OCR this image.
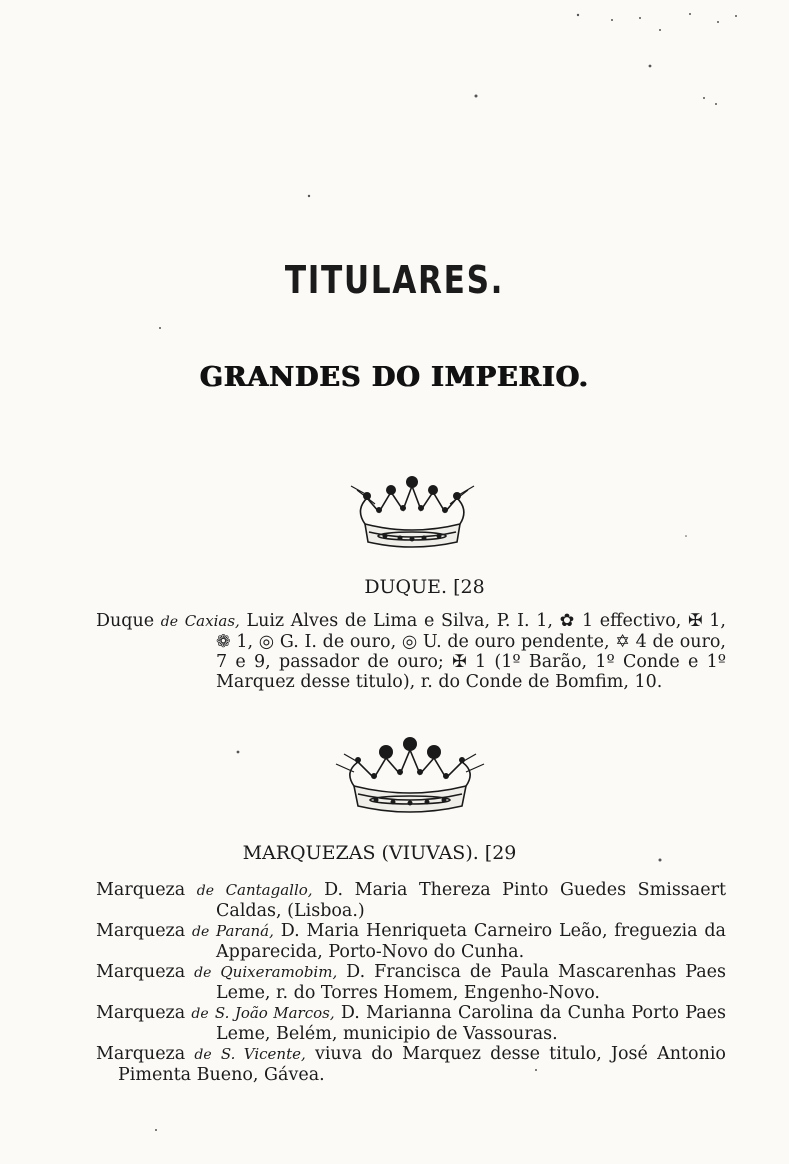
TITULARES.
GRANDES DO IMPERIO.
DUQUE. [28

Duque de Caxias, Luiz Alves de Lima e Silva, P. I. 1, ✿ 1 effectivo, ✠ 1, ❁ 1, ◎ G. I. de ouro, ◎ U. de ouro pendente, ✡ 4 de ouro, 7 e 9, passador de ouro; ✠ 1 (1º Barão, 1º Conde e 1º Marquez desse titulo), r. do Conde de Bomfim, 10.

MARQUEZAS (VIUVAS). [29

Marqueza de Cantagallo, D. Maria Thereza Pinto Guedes Smissaert Caldas, (Lisboa.)

Marqueza de Paraná, D. Maria Henriqueta Carneiro Leão, freguezia da Apparecida, Porto-Novo do Cunha.

Marqueza de Quixeramobim, D. Francisca de Paula Mascarenhas Paes Leme, r. do Torres Homem, Engenho-Novo.

Marqueza de S. João Marcos, D. Marianna Carolina da Cunha Porto Paes Leme, Belém, municipio de Vassouras.

Marqueza de S. Vicente, viuva do Marquez desse titulo, José Antonio Pimenta Bueno, Gávea.
